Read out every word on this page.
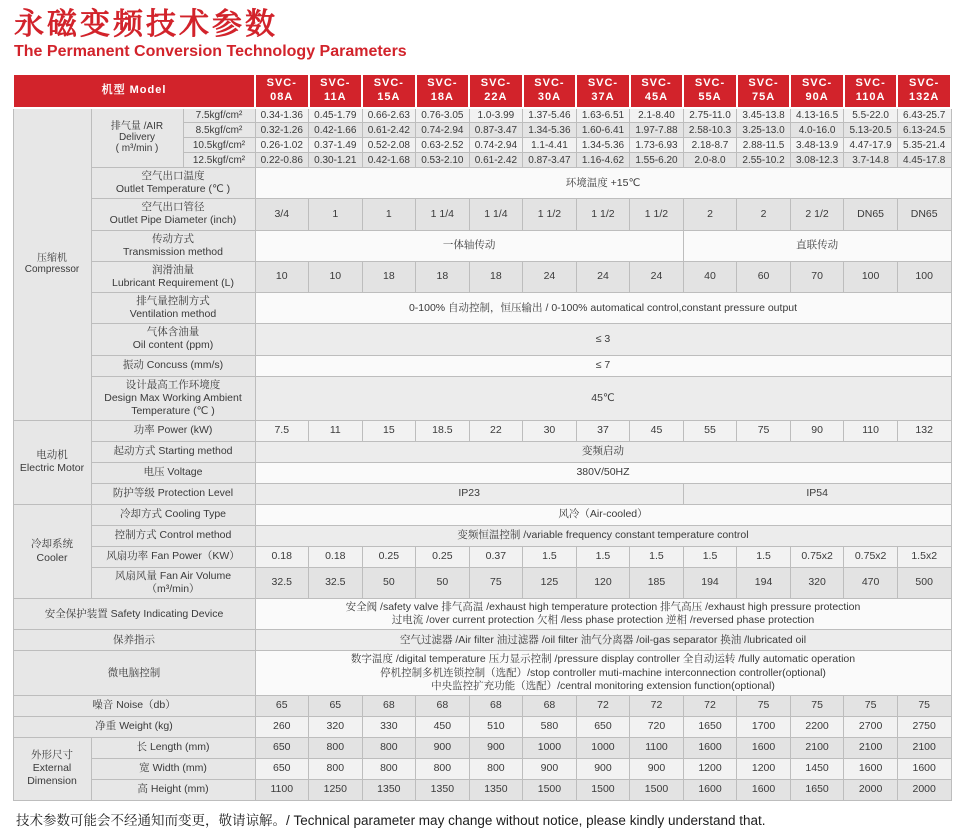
永磁变频技术参数
The Permanent Conversion Technology Parameters
机型 Model			SVC-08A	SVC-11A	SVC-15A	SVC-18A	SVC-22A	SVC-30A	SVC-37A	SVC-45A	SVC-55A	SVC-75A	SVC-90A	SVC-110A	SVC-132A

压缩机
Compressor

排气量 /AIR
Delivery
( m³/min )
	7.5kgf/cm²	0.34-1.36	0.45-1.79	0.66-2.63	0.76-3.05	1.0-3.99	1.37-5.46	1.63-6.51	2.1-8.40	2.75-11.0	3.45-13.8	4.13-16.5	5.5-22.0	6.43-25.7
		8.5kgf/cm²	0.32-1.26	0.42-1.66	0.61-2.42	0.74-2.94	0.87-3.47	1.34-5.36	1.60-6.41	1.97-7.88	2.58-10.3	3.25-13.0	4.0-16.0	5.13-20.5	6.13-24.5
		10.5kgf/cm²	0.26-1.02	0.37-1.49	0.52-2.08	0.63-2.52	0.74-2.94	1.1-4.41	1.34-5.36	1.73-6.93	2.18-8.7	2.88-11.5	3.48-13.9	4.47-17.9	5.35-21.4
		12.5kgf/cm²	0.22-0.86	0.30-1.21	0.42-1.68	0.53-2.10	0.61-2.42	0.87-3.47	1.16-4.62	1.55-6.20	2.0-8.0	2.55-10.2	3.08-12.3	3.7-14.8	4.45-17.8

	空气出口温度
Outlet Temperature (℃ )		环境温度 +15℃												

	空气出口管径
Outlet Pipe Diameter (inch)		3/4	1	1	1 1/4	1 1/4	1 1/2	1 1/2	1 1/2	2	2	2 1/2	DN65	DN65

	传动方式
Transmission method		一体轴传动								直联传动				

	润滑油量
Lubricant Requirement (L)		10	10	18	18	18	24	24	24	40	60	70	100	100

	排气量控制方式
Ventilation method		0-100% 自动控制，恒压输出 / 0-100% automatical control,constant pressure output												

	气体含油量
Oil content (ppm)		≤ 3												

	振动 Concuss (mm/s)		≤ 7												

	设计最高工作环境度
Design Max Working Ambient
Temperature (℃ )		45℃												

电动机
Electric Motor	功率 Power (kW)		7.5	11	15	18.5	22	30	37	45	55	75	90	110	132

	起动方式 Starting method		变频启动												

	电压 Voltage		380V/50HZ												

	防护等级 Protection Level		IP23								IP54				

冷却系统
Cooler	冷却方式 Cooling Type		风冷（Air-cooled）												

	控制方式 Control method		变频恒温控制 /variable frequency constant temperature control												

	风扇功率 Fan Power（KW）		0.18	0.18	0.25	0.25	0.37	1.5	1.5	1.5	1.5	1.5	0.75x2	0.75x2	1.5x2

	风扇风量 Fan Air Volume（m³/min）		32.5	32.5	50	50	75	125	120	185	194	194	320	470	500

安全保护装置 Safety Indicating Device			安全阀 /safety valve 排气高温 /exhaust high temperature protection 排气高压 /exhaust high pressure protection
过电流 /over current protection 欠相 /less phase protection 逆相 /reversed phase protection												

保养指示			空气过滤器 /Air filter 油过滤器 /oil filter 油气分离器 /oil-gas separator 换油 /lubricated oil												

微电脑控制			数字温度 /digital temperature 压力显示控制 /pressure display controller 全自动运转 /fully automatic operation
停机控制多机连锁控制（选配）/stop controller muti-machine interconnection controller(optional)
中央监控扩充功能（选配）/central monitoring extension function(optional)												

噪音 Noise（db）			65	65	68	68	68	68	72	72	72	75	75	75	75

净重 Weight (kg)			260	320	330	450	510	580	650	720	1650	1700	2200	2700	2750

外形尺寸
External
Dimension	长 Length (mm)		650	800	800	900	900	1000	1000	1100	1600	1600	2100	2100	2100

	宽 Width (mm)		650	800	800	800	800	900	900	900	1200	1200	1450	1600	1600

	高 Height (mm)		1100	1250	1350	1350	1350	1500	1500	1500	1600	1600	1650	2000	2000
技术参数可能会不经通知而变更，敬请谅解。/ Technical parameter may change without notice, please kindly understand that.
